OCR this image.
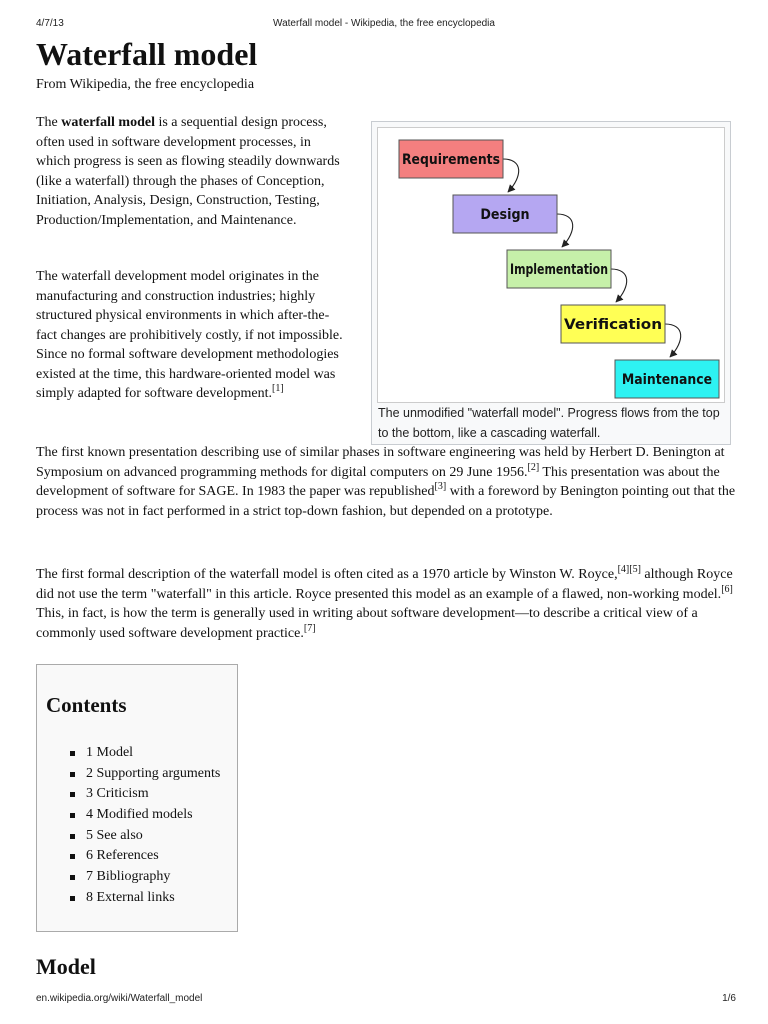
4/7/13	Waterfall model - Wikipedia, the free encyclopedia
Waterfall model

From Wikipedia, the free encyclopedia

The waterfall model is a sequential design process, often used in software development processes, in which progress is seen as flowing steadily downwards (like a waterfall) through the phases of Conception, Initiation, Analysis, Design, Construction, Testing, Production/Implementation, and Maintenance.

The waterfall development model originates in the manufacturing and construction industries; highly structured physical environments in which after-the-fact changes are prohibitively costly, if not impossible. Since no formal software development methodologies existed at the time, this hardware-oriented model was simply adapted for software development.[1]

Requirements
Design
Implementation
Verification
Maintenance
The unmodified "waterfall model". Progress flows from the top to the bottom, like a cascading waterfall.

The first known presentation describing use of similar phases in software engineering was held by Herbert D. Benington at Symposium on advanced programming methods for digital computers on 29 June 1956.[2] This presentation was about the development of software for SAGE. In 1983 the paper was republished[3] with a foreword by Benington pointing out that the process was not in fact performed in a strict top-down fashion, but depended on a prototype.

The first formal description of the waterfall model is often cited as a 1970 article by Winston W. Royce,[4][5] although Royce did not use the term "waterfall" in this article. Royce presented this model as an example of a flawed, non-working model.[6] This, in fact, is how the term is generally used in writing about software development—to describe a critical view of a commonly used software development practice.[7]

Contents
1 Model
2 Supporting arguments
3 Criticism
4 Modified models
5 See also
6 References
7 Bibliography
8 External links
Model
en.wikipedia.org/wiki/Waterfall_model	1/6
